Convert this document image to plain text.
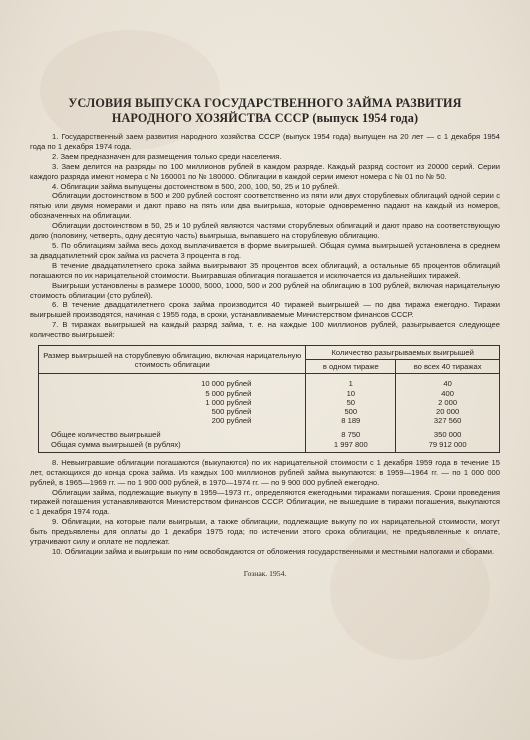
УСЛОВИЯ ВЫПУСКА ГОСУДАРСТВЕННОГО ЗАЙМА РАЗВИТИЯ НАРОДНОГО ХОЗЯЙСТВА СССР (выпуск 1954 года)

1. Государственный заем развития народного хозяйства СССР (выпуск 1954 года) выпущен на 20 лет — с 1 декабря 1954 года по 1 декабря 1974 года.

2. Заем предназначен для размещения только среди населения.

3. Заем делится на разряды по 100 миллионов рублей в каждом разряде. Каждый разряд состоит из 20000 серий. Серии каждого разряда имеют номера с № 160001 по № 180000. Облигации в каждой серии имеют номера с № 01 по № 50.

4. Облигации займа выпущены достоинством в 500, 200, 100, 50, 25 и 10 рублей.

Облигации достоинством в 500 и 200 рублей состоят соответственно из пяти или двух сторублевых облигаций одной серии с пятью или двумя номерами и дают право на пять или два выигрыша, которые одновременно падают на каждый из номеров, обозначенных на облигации.

Облигации достоинством в 50, 25 и 10 рублей являются частями сторублевых облигаций и дают право на соответствующую долю (половину, четверть, одну десятую часть) выигрыша, выпавшего на сторублевую облигацию.

5. По облигациям займа весь доход выплачивается в форме выигрышей. Общая сумма выигрышей установлена в среднем за двадцатилетний срок займа из расчета 3 процента в год.

В течение двадцатилетнего срока займа выигрывают 35 процентов всех облигаций, а остальные 65 процентов облигаций погашаются по их нарицательной стоимости. Выигравшая облигация погашается и исключается из дальнейших тиражей.

Выигрыши установлены в размере 10000, 5000, 1000, 500 и 200 рублей на облигацию в 100 рублей, включая нарицательную стоимость облигации (сто рублей).

6. В течение двадцатилетнего срока займа производится 40 тиражей выигрышей — по два тиража ежегодно. Тиражи выигрышей производятся, начиная с 1955 года, в сроки, устанавливаемые Министерством финансов СССР.

7. В тиражах выигрышей на каждый разряд займа, т. е. на каждые 100 миллионов рублей, разыгрывается следующее количество выигрышей:

Размер выигрышей на сторублевую облигацию, включая нарицательную стоимость облигации	Количество разыгрываемых выигрышей	
	в одном тираже	во всех 40 тиражах

10 000 рублей	1	40
5 000 рублей	10	400
1 000 рублей	50	2 000
500 рублей	500	20 000
200 рублей	8 189	327 560

Общее количество выигрышей	8 750	350 000
Общая сумма выигрышей (в рублях)	1 997 800	79 912 000

8. Невыигравшие облигации погашаются (выкупаются) по их нарицательной стоимости с 1 декабря 1959 года в течение 15 лет, остающихся до конца срока займа. Из каждых 100 миллионов рублей займа выкупаются: в 1959—1964 гг. — по 1 000 000 рублей, в 1965—1969 гг. — по 1 900 000 рублей, в 1970—1974 гг. — по 9 900 000 рублей ежегодно.

Облигации займа, подлежащие выкупу в 1959—1973 гг., определяются ежегодными тиражами погашения. Сроки проведения тиражей погашения устанавливаются Министерством финансов СССР. Облигации, не вышедшие в тиражи погашения, выкупаются с 1 декабря 1974 года.

9. Облигации, на которые пали выигрыши, а также облигации, подлежащие выкупу по их нарицательной стоимости, могут быть предъявлены для оплаты до 1 декабря 1975 года; по истечении этого срока облигации, не предъявленные к оплате, утрачивают силу и оплате не подлежат.

10. Облигации займа и выигрыши по ним освобождаются от обложения государственными и местными налогами и сборами.

Гознак. 1954.
